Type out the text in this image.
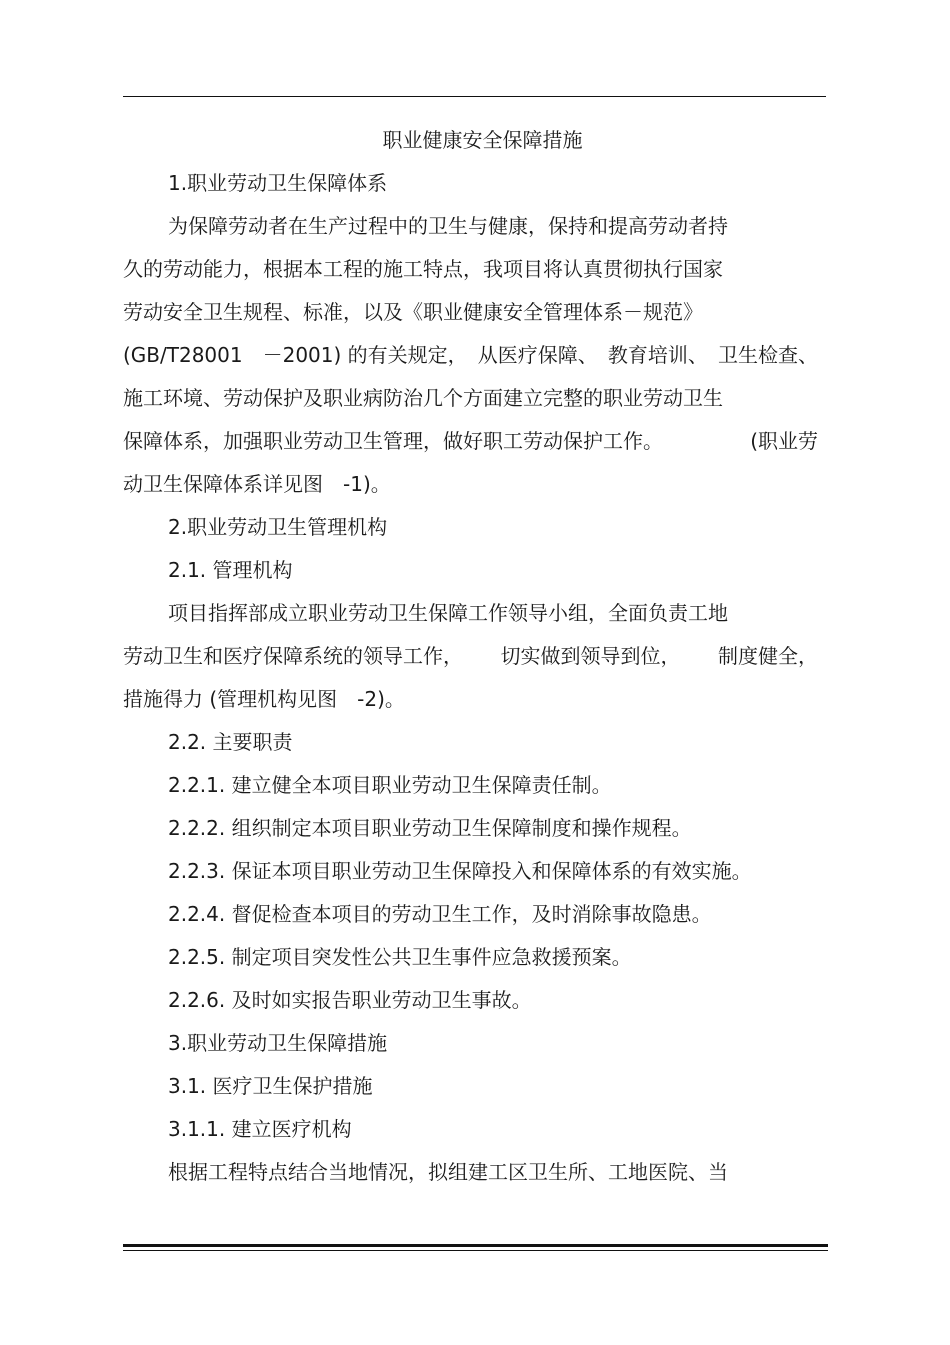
职业健康安全保障措施
1.职业劳动卫生保障体系
为保障劳动者在生产过程中的卫生与健康，保持和提高劳动者持
久的劳动能力，根据本工程的施工特点，我项目将认真贯彻执行国家
劳动安全卫生规程、标准，以及《职业健康安全管理体系－规范》
(GB/T28001　－2001) 的有关规定， 从医疗保障、 教育培训、 卫生检查、
施工环境、劳动保护及职业病防治几个方面建立完整的职业劳动卫生
保障体系，加强职业劳动卫生管理，做好职工劳动保护工作。	(职业劳
动卫生保障体系详见图　-1)。
2.职业劳动卫生管理机构
2.1. 管理机构
项目指挥部成立职业劳动卫生保障工作领导小组，全面负责工地
劳动卫生和医疗保障系统的领导工作， 切实做到领导到位， 制度健全，
措施得力 (管理机构见图　-2)。
2.2. 主要职责
2.2.1. 建立健全本项目职业劳动卫生保障责任制。
2.2.2. 组织制定本项目职业劳动卫生保障制度和操作规程。
2.2.3. 保证本项目职业劳动卫生保障投入和保障体系的有效实施。
2.2.4. 督促检查本项目的劳动卫生工作，及时消除事故隐患。
2.2.5. 制定项目突发性公共卫生事件应急救援预案。
2.2.6. 及时如实报告职业劳动卫生事故。
3.职业劳动卫生保障措施
3.1. 医疗卫生保护措施
3.1.1. 建立医疗机构
根据工程特点结合当地情况，拟组建工区卫生所、工地医院、当
